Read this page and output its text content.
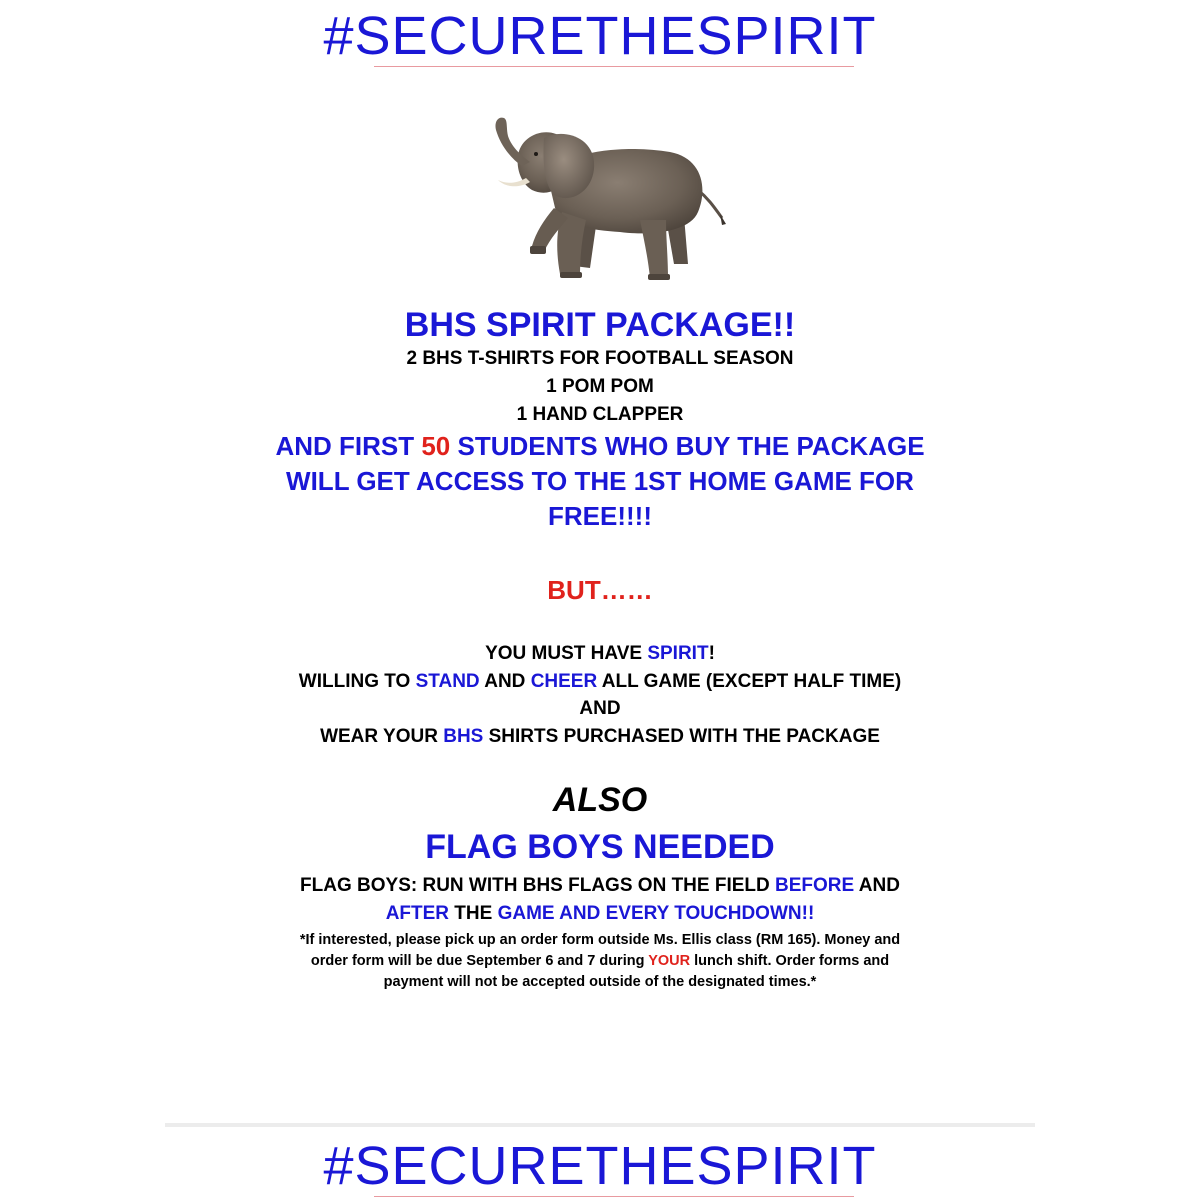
#SECURETHESPIRIT
BHS SPIRIT PACKAGE!!
2 BHS T-SHIRTS FOR FOOTBALL SEASON
1 POM POM
1 HAND CLAPPER
AND FIRST 50 STUDENTS WHO BUY THE PACKAGE
WILL GET ACCESS TO THE 1ST HOME GAME FOR
FREE!!!!
BUT……
YOU MUST HAVE SPIRIT!
WILLING TO STAND AND CHEER ALL GAME (EXCEPT HALF TIME)
AND
WEAR YOUR BHS SHIRTS PURCHASED WITH THE PACKAGE
ALSO
FLAG BOYS NEEDED
FLAG BOYS: RUN WITH BHS FLAGS ON THE FIELD BEFORE AND
AFTER THE GAME AND EVERY TOUCHDOWN!!
*If interested, please pick up an order form outside Ms. Ellis class (RM 165). Money and
order form will be due September 6 and 7 during YOUR lunch shift. Order forms and
payment will not be accepted outside of the designated times.*
#SECURETHESPIRIT
